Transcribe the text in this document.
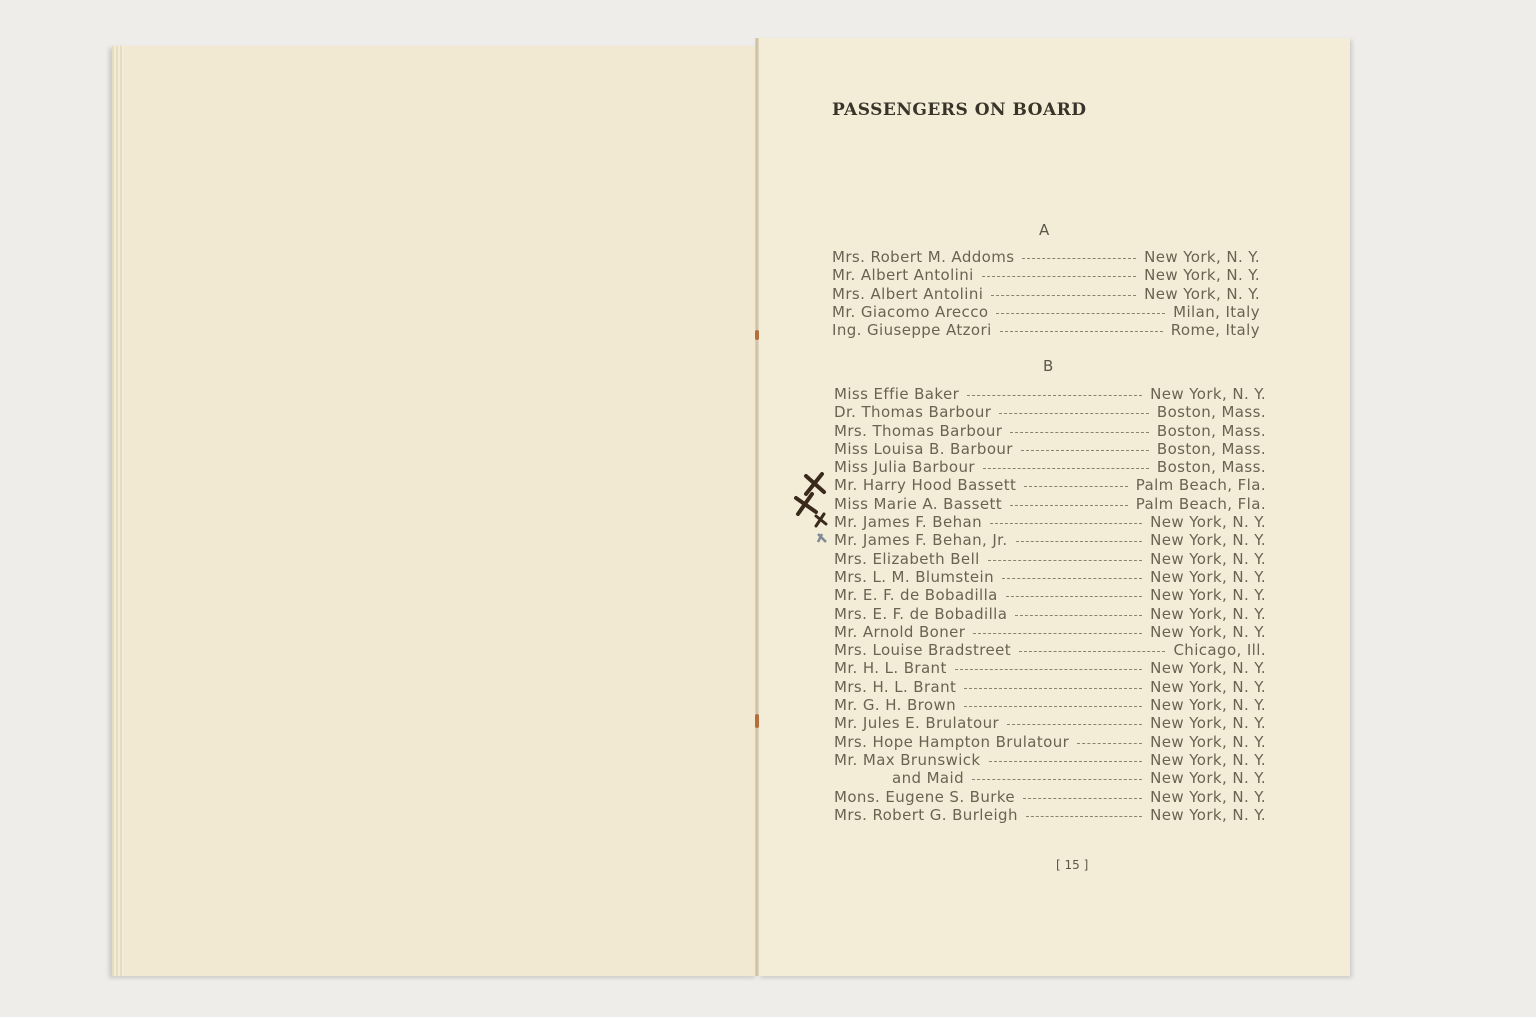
PASSENGERS ON BOARD
A
Mrs. Robert M. Addoms	New York, N. Y.
Mr. Albert Antolini	New York, N. Y.
Mrs. Albert Antolini	New York, N. Y.
Mr. Giacomo Arecco	Milan, Italy
Ing. Giuseppe Atzori	Rome, Italy
B
Miss Effie Baker	New York, N. Y.
Dr. Thomas Barbour	Boston, Mass.
Mrs. Thomas Barbour	Boston, Mass.
Miss Louisa B. Barbour	Boston, Mass.
Miss Julia Barbour	Boston, Mass.
Mr. Harry Hood Bassett	Palm Beach, Fla.
Miss Marie A. Bassett	Palm Beach, Fla.
Mr. James F. Behan	New York, N. Y.
Mr. James F. Behan, Jr.	New York, N. Y.
Mrs. Elizabeth Bell	New York, N. Y.
Mrs. L. M. Blumstein	New York, N. Y.
Mr. E. F. de Bobadilla	New York, N. Y.
Mrs. E. F. de Bobadilla	New York, N. Y.
Mr. Arnold Boner	New York, N. Y.
Mrs. Louise Bradstreet	Chicago, Ill.
Mr. H. L. Brant	New York, N. Y.
Mrs. H. L. Brant	New York, N. Y.
Mr. G. H. Brown	New York, N. Y.
Mr. Jules E. Brulatour	New York, N. Y.
Mrs. Hope Hampton Brulatour	New York, N. Y.
Mr. Max Brunswick	New York, N. Y.
and Maid	New York, N. Y.
Mons. Eugene S. Burke	New York, N. Y.
Mrs. Robert G. Burleigh	New York, N. Y.
[ 15 ]
